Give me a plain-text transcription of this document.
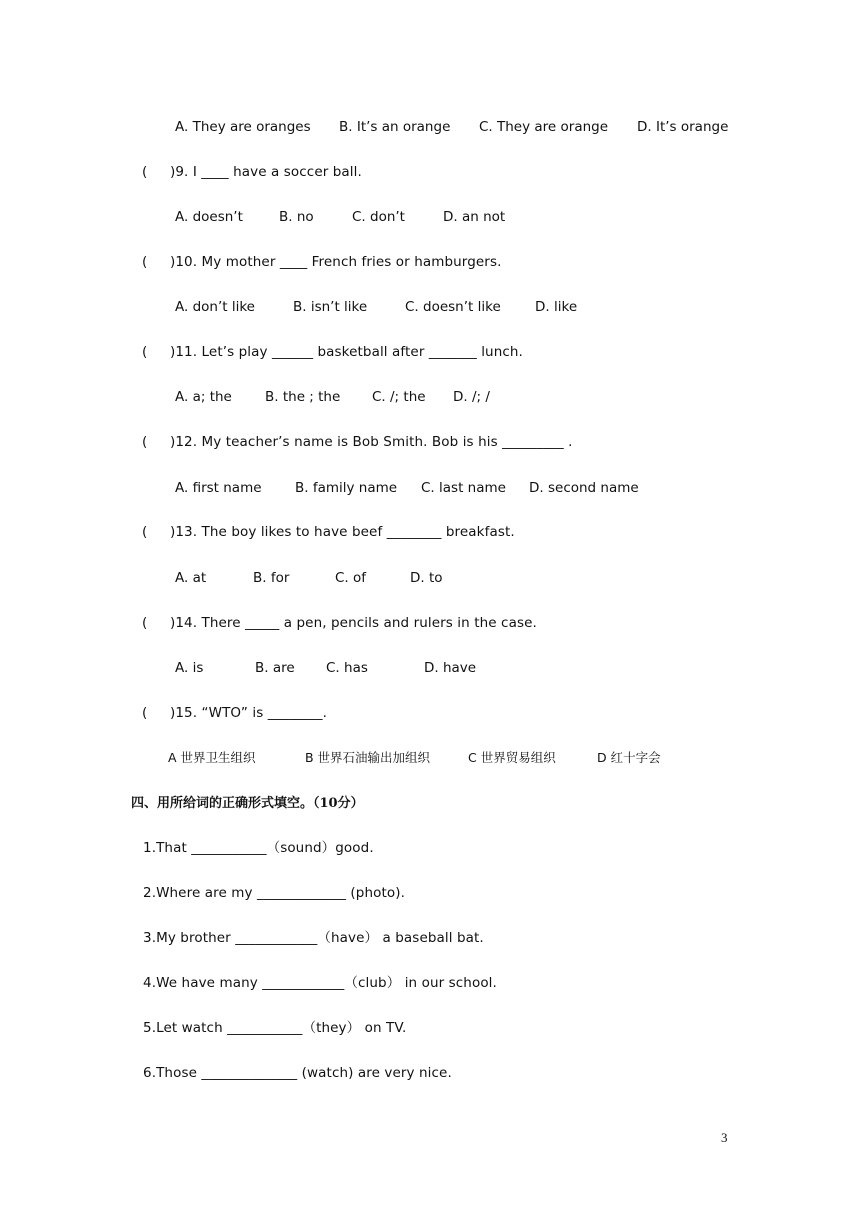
A. They are oranges B. It’s an orange C. They are orange D. It’s orange
( )9. I ____ have a soccer ball.
A. doesn’t	B. no	C. don’t	D. an not
( )10. My mother ____ French fries or hamburgers.
A. don’t like	B. isn’t like	C. doesn’t like	D. like
( )11. Let’s play ______ basketball after _______ lunch.
A. a; the B. the ; the C. /; the D. /; /
( )12. My teacher’s name is Bob Smith. Bob is his _________ .
A. first name B. family name C. last name D. second name
( )13. The boy likes to have beef ________ breakfast.
A. at	B. for	C. of	D. to
( )14. There _____ a pen, pencils and rulers in the case.
A. is	B. are C. has	D. have
( )15. “WTO” is ________.
A 世界卫生组织	B 世界石油输出加组织	C 世界贸易组织	D 红十字会
四、用所给词的正确形式填空。（10分）
1.That ___________（sound）good.
2.Where are my _____________ (photo).
3.My brother ____________（have） a baseball bat.
4.We have many ____________（club） in our school.
5.Let watch ___________（they） on TV.
6.Those ______________ (watch) are very nice.
3
